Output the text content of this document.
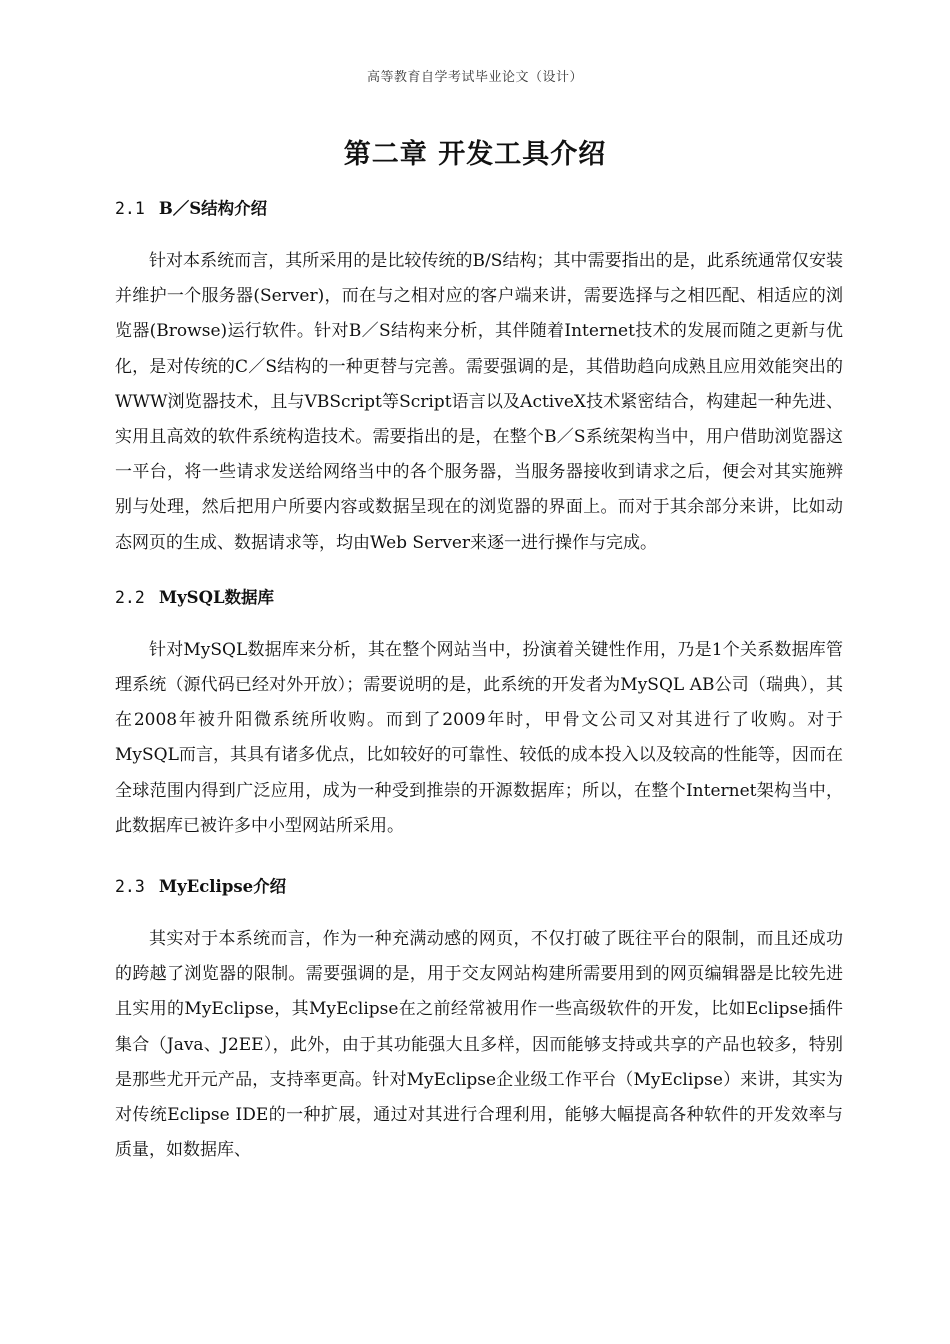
高等教育自学考试毕业论文（设计）
第二章 开发工具介绍
2.1 B／S结构介绍

针对本系统而言，其所采用的是比较传统的B/S结构；其中需要指出的是，此系统通常仅安装并维护一个服务器(Server)，而在与之相对应的客户端来讲，需要选择与之相匹配、相适应的浏览器(Browse)运行软件。针对B／S结构来分析，其伴随着Internet技术的发展而随之更新与优化，是对传统的C／S结构的一种更替与完善。需要强调的是，其借助趋向成熟且应用效能突出的WWW浏览器技术，且与VBScript等Script语言以及ActiveX技术紧密结合，构建起一种先进、实用且高效的软件系统构造技术。需要指出的是，在整个B／S系统架构当中，用户借助浏览器这一平台，将一些请求发送给网络当中的各个服务器，当服务器接收到请求之后，便会对其实施辨别与处理，然后把用户所要内容或数据呈现在的浏览器的界面上。而对于其余部分来讲，比如动态网页的生成、数据请求等，均由Web Server来逐一进行操作与完成。

2.2 MySQL数据库

针对MySQL数据库来分析，其在整个网站当中，扮演着关键性作用，乃是1个关系数据库管理系统（源代码已经对外开放）；需要说明的是，此系统的开发者为MySQL AB公司（瑞典），其在2008年被升阳微系统所收购。而到了2009年时，甲骨文公司又对其进行了收购。对于MySQL而言，其具有诸多优点，比如较好的可靠性、较低的成本投入以及较高的性能等，因而在全球范围内得到广泛应用，成为一种受到推崇的开源数据库；所以，在整个Internet架构当中，此数据库已被许多中小型网站所采用。

2.3 MyEclipse介绍

其实对于本系统而言，作为一种充满动感的网页，不仅打破了既往平台的限制，而且还成功的跨越了浏览器的限制。需要强调的是，用于交友网站构建所需要用到的网页编辑器是比较先进且实用的MyEclipse，其MyEclipse在之前经常被用作一些高级软件的开发，比如Eclipse插件集合（Java、J2EE），此外，由于其功能强大且多样，因而能够支持或共享的产品也较多，特别是那些尤开元产品，支持率更高。针对MyEclipse企业级工作平台（MyEclipse）来讲，其实为对传统Eclipse IDE的一种扩展，通过对其进行合理利用，能够大幅提高各种软件的开发效率与质量，如数据库、
